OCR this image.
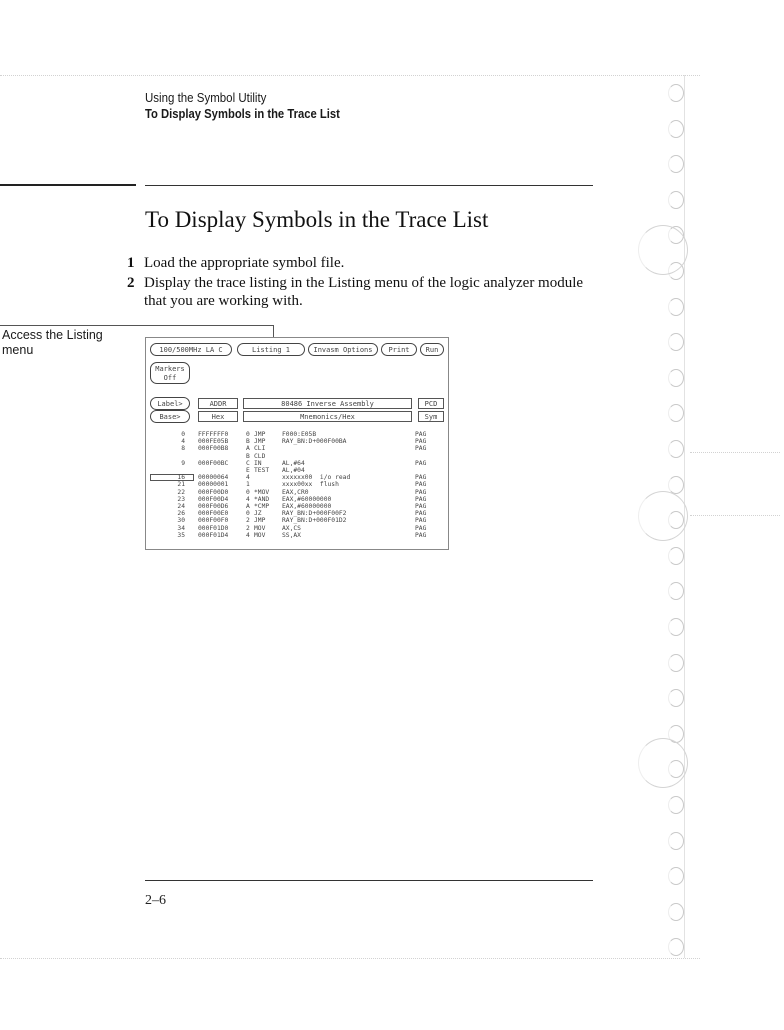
Using the Symbol Utility
To Display Symbols in the Trace List
To Display Symbols in the Trace List
1 Load the appropriate symbol file.
2 Display the trace listing in the Listing menu of the logic analyzer module that you are working with.
Access the Listing menu	100/500MHz LA C	Listing 1	Invasm Options	Print	Run
Markers
Off
Label>
Base>
ADDR
Hex
80486 Inverse Assembly
Mnemonics/Hex
PCD
Sym
0 FFFFFFF0	0 JMP	F000:E05B	PAG
4 000FE05B	B JMP	RAY_BN:D+000F00BA	PAG
8 000F00B8	A CLI	PAG
B CLD
9 000F00BC	C IN	AL,#64	PAG
E TEST AL,#04
16 00000064	4	xxxxxx00  i/o read	PAG
21 00000001	1	xxxx00xx  flush	PAG
22 000F00D0	0 *MOV EAX,CR0	PAG
23 000F00D4	4 *AND EAX,#60000000	PAG
24 000F00D6	A *CMP EAX,#60000000	PAG
26 000F00E0	0 JZ	RAY_BN:D+000F00F2	PAG
30 000F00F0	2 JMP	RAY_BN:D+000F01D2	PAG
34 000F01D0	2 MOV	AX,CS	PAG
35 000F01D4	4 MOV	SS,AX	PAG
2–6
